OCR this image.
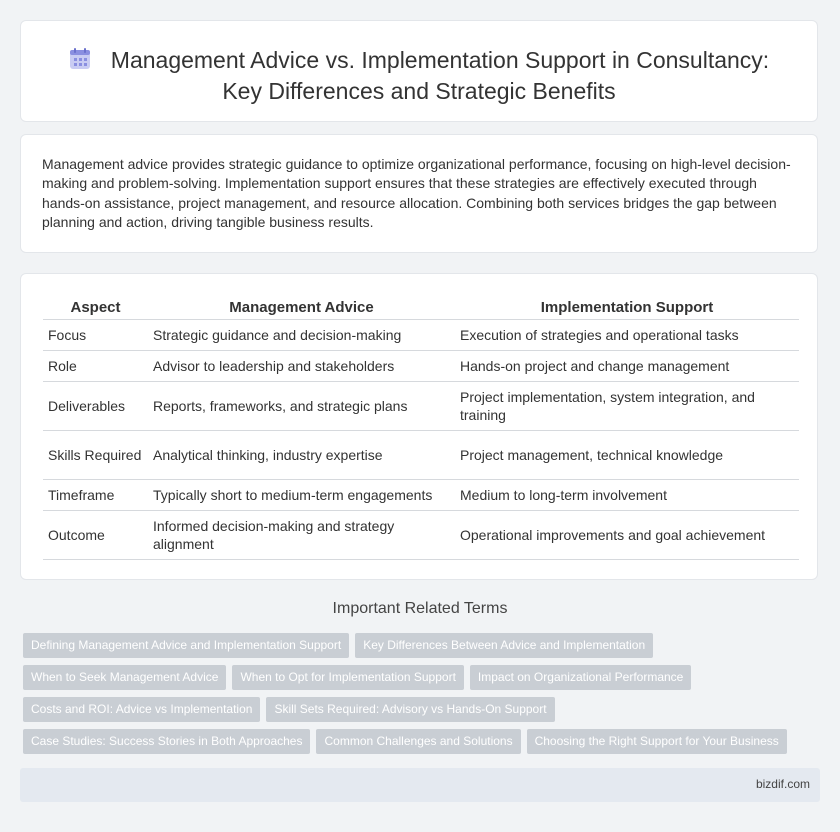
Management Advice vs. Implementation Support in Consultancy:
Key Differences and Strategic Benefits
Management advice provides strategic guidance to optimize organizational performance, focusing on high-level decision-making and problem-solving. Implementation support ensures that these strategies are effectively executed through hands-on assistance, project management, and resource allocation. Combining both services bridges the gap between planning and action, driving tangible business results.
Aspect	Management Advice	Implementation Support
Focus	Strategic guidance and decision-making	Execution of strategies and operational tasks
Role	Advisor to leadership and stakeholders	Hands-on project and change management
Deliverables	Reports, frameworks, and strategic plans	Project implementation, system integration, and training
Skills Required	Analytical thinking, industry expertise	Project management, technical knowledge
Timeframe	Typically short to medium-term engagements	Medium to long-term involvement
Outcome	Informed decision-making and strategy alignment	Operational improvements and goal achievement
Important Related Terms
Defining Management Advice and Implementation Support Key Differences Between Advice and Implementation
When to Seek Management Advice When to Opt for Implementation Support Impact on Organizational Performance
Costs and ROI: Advice vs Implementation Skill Sets Required: Advisory vs Hands-On Support
Case Studies: Success Stories in Both Approaches Common Challenges and Solutions Choosing the Right Support for Your Business
bizdif.com
